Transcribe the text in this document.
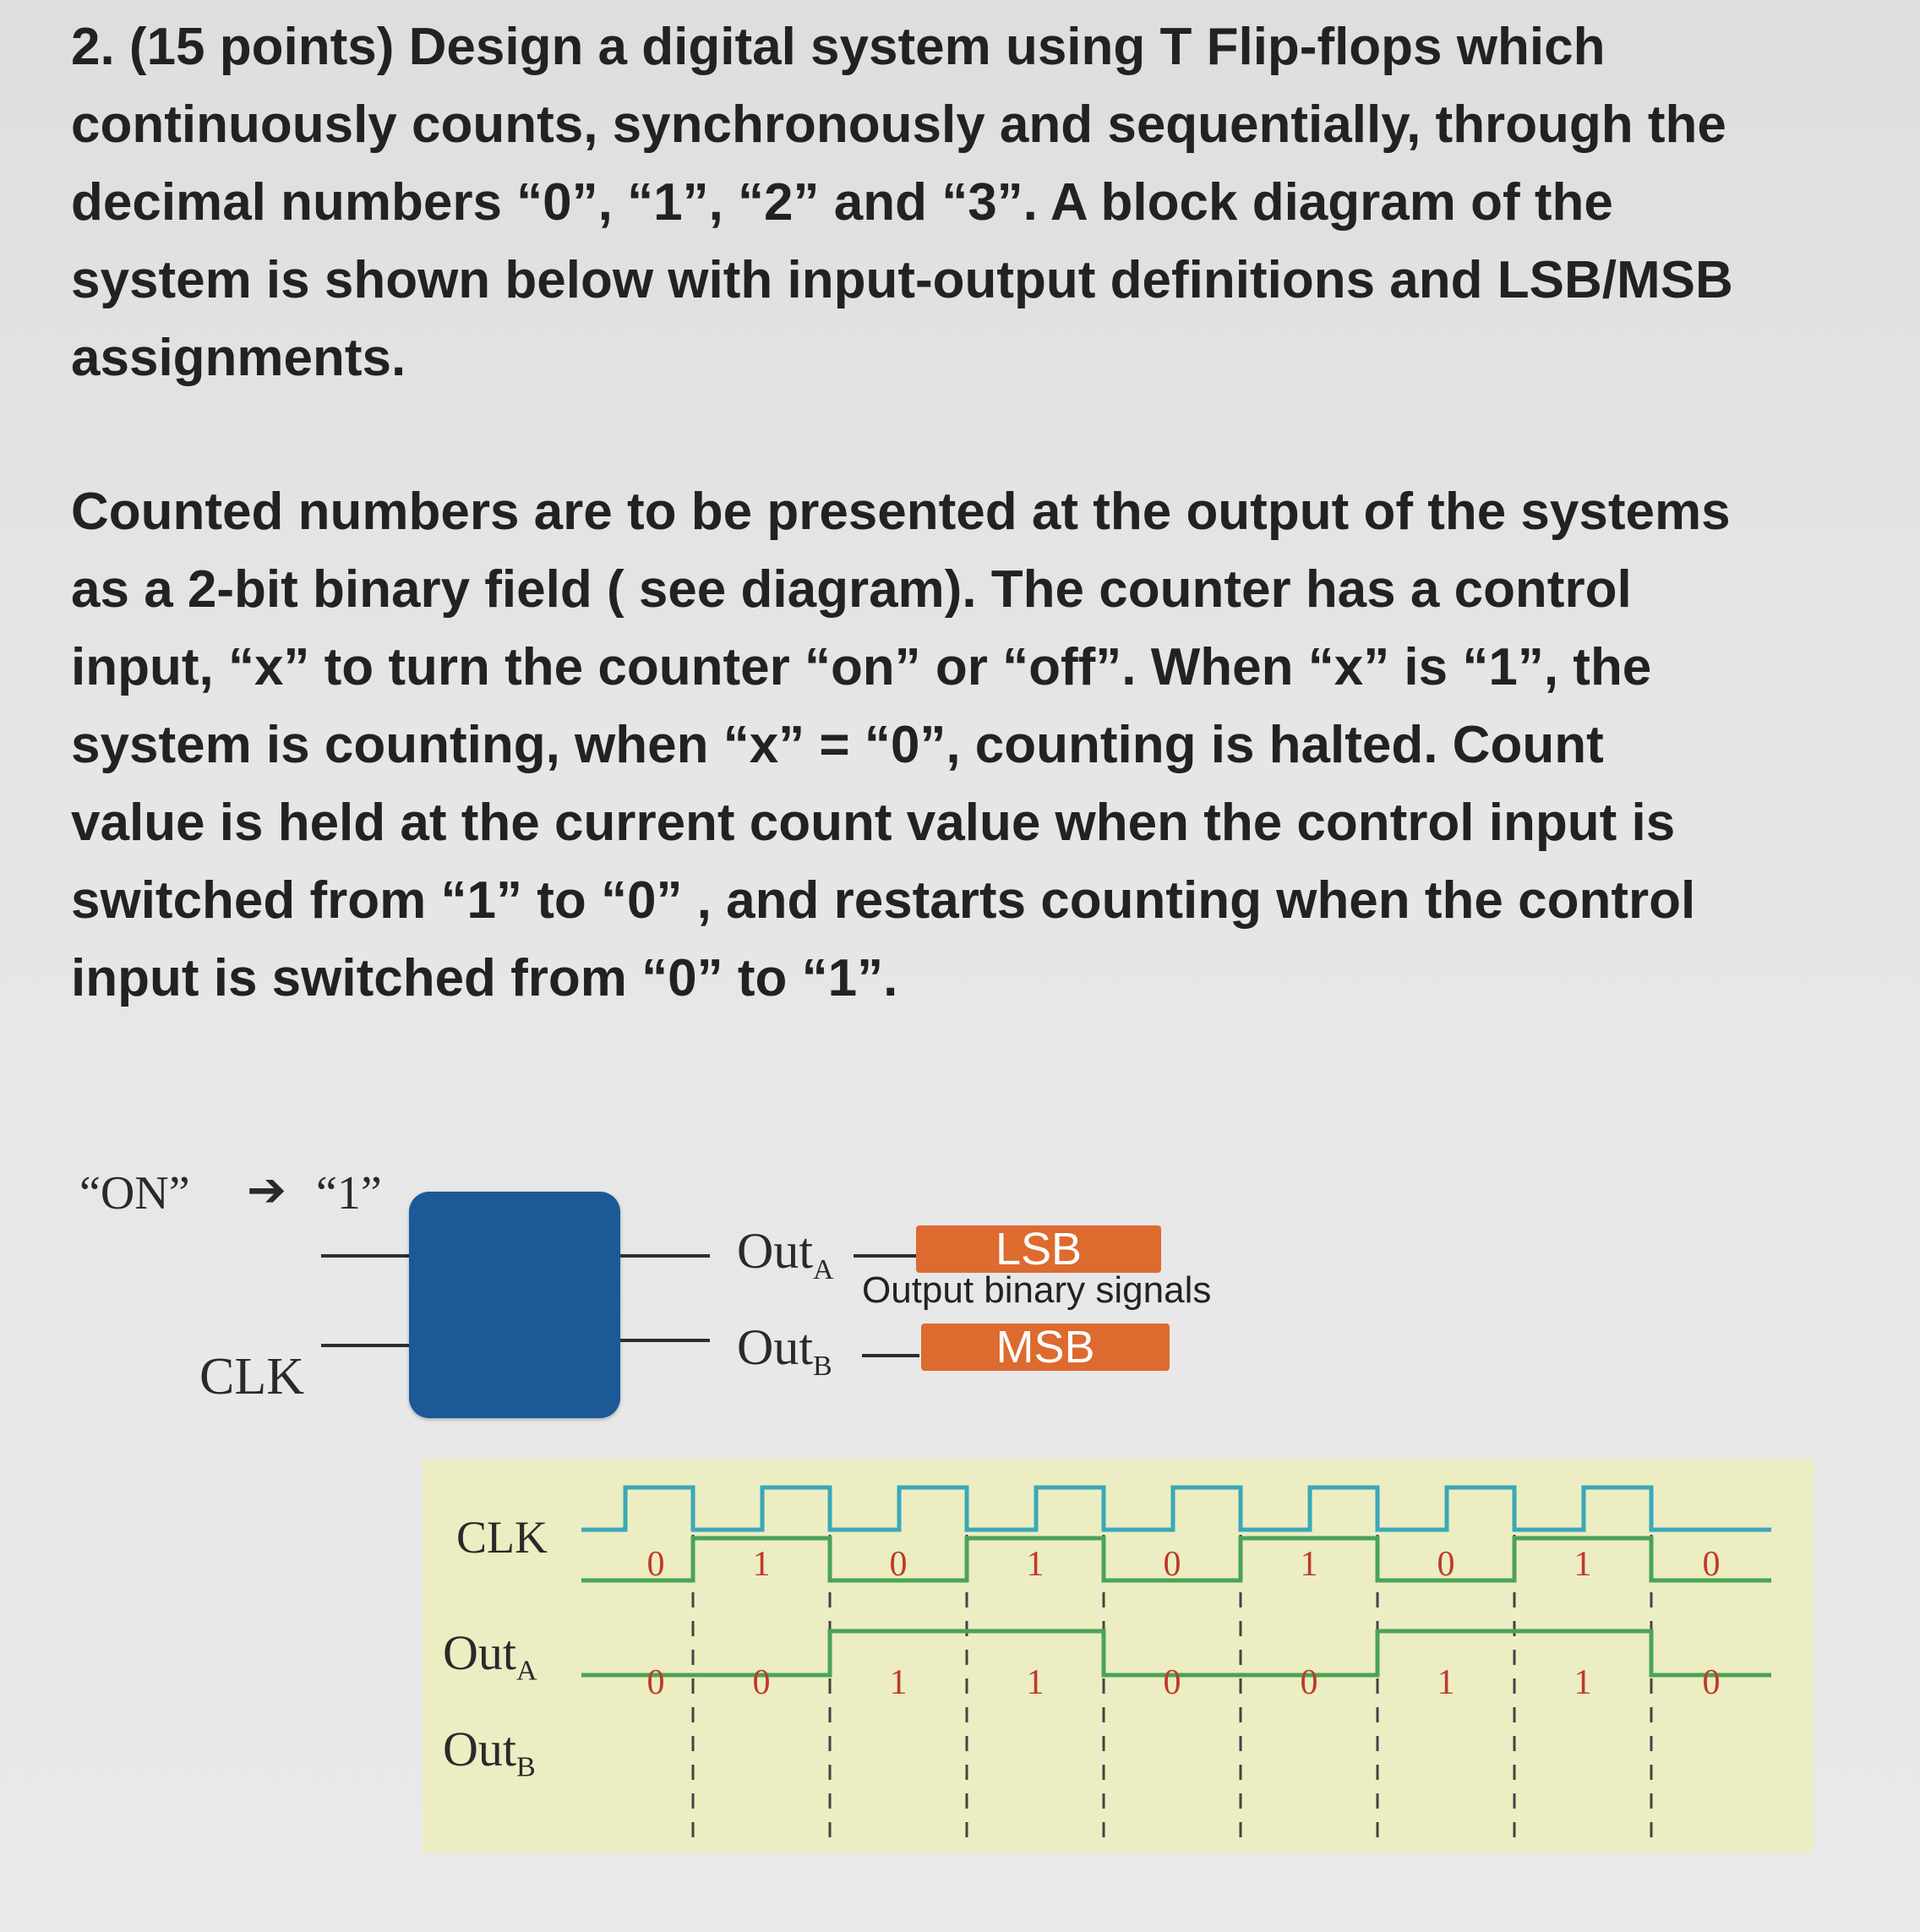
2. (15 points) Design a digital system using T Flip-flops which
continuously counts, synchronously and sequentially, through the
decimal numbers “0”, “1”, “2” and “3”. A block diagram of the
system is shown below with input-output definitions and LSB/MSB
assignments.
Counted numbers are to be presented at the output of the systems
as a 2-bit binary field ( see diagram). The counter has a control
input, “x” to turn the counter “on” or “off”. When “x” is “1”, the
system is counting, when “x” = “0”, counting is halted. Count
value is held at the current count value when the control input is
switched from “1” to “0” , and restarts counting when the control
input is switched from “0” to “1”.
“ON” ➔ “1”
CLK
Out$_A$
Out$_B$
LSB
MSB
Output binary signals
CLK
Out$_A$
Out$_B$
0 1	0	1	0	1	0	1	0
0 0	1	1	0	0	1	1	0
